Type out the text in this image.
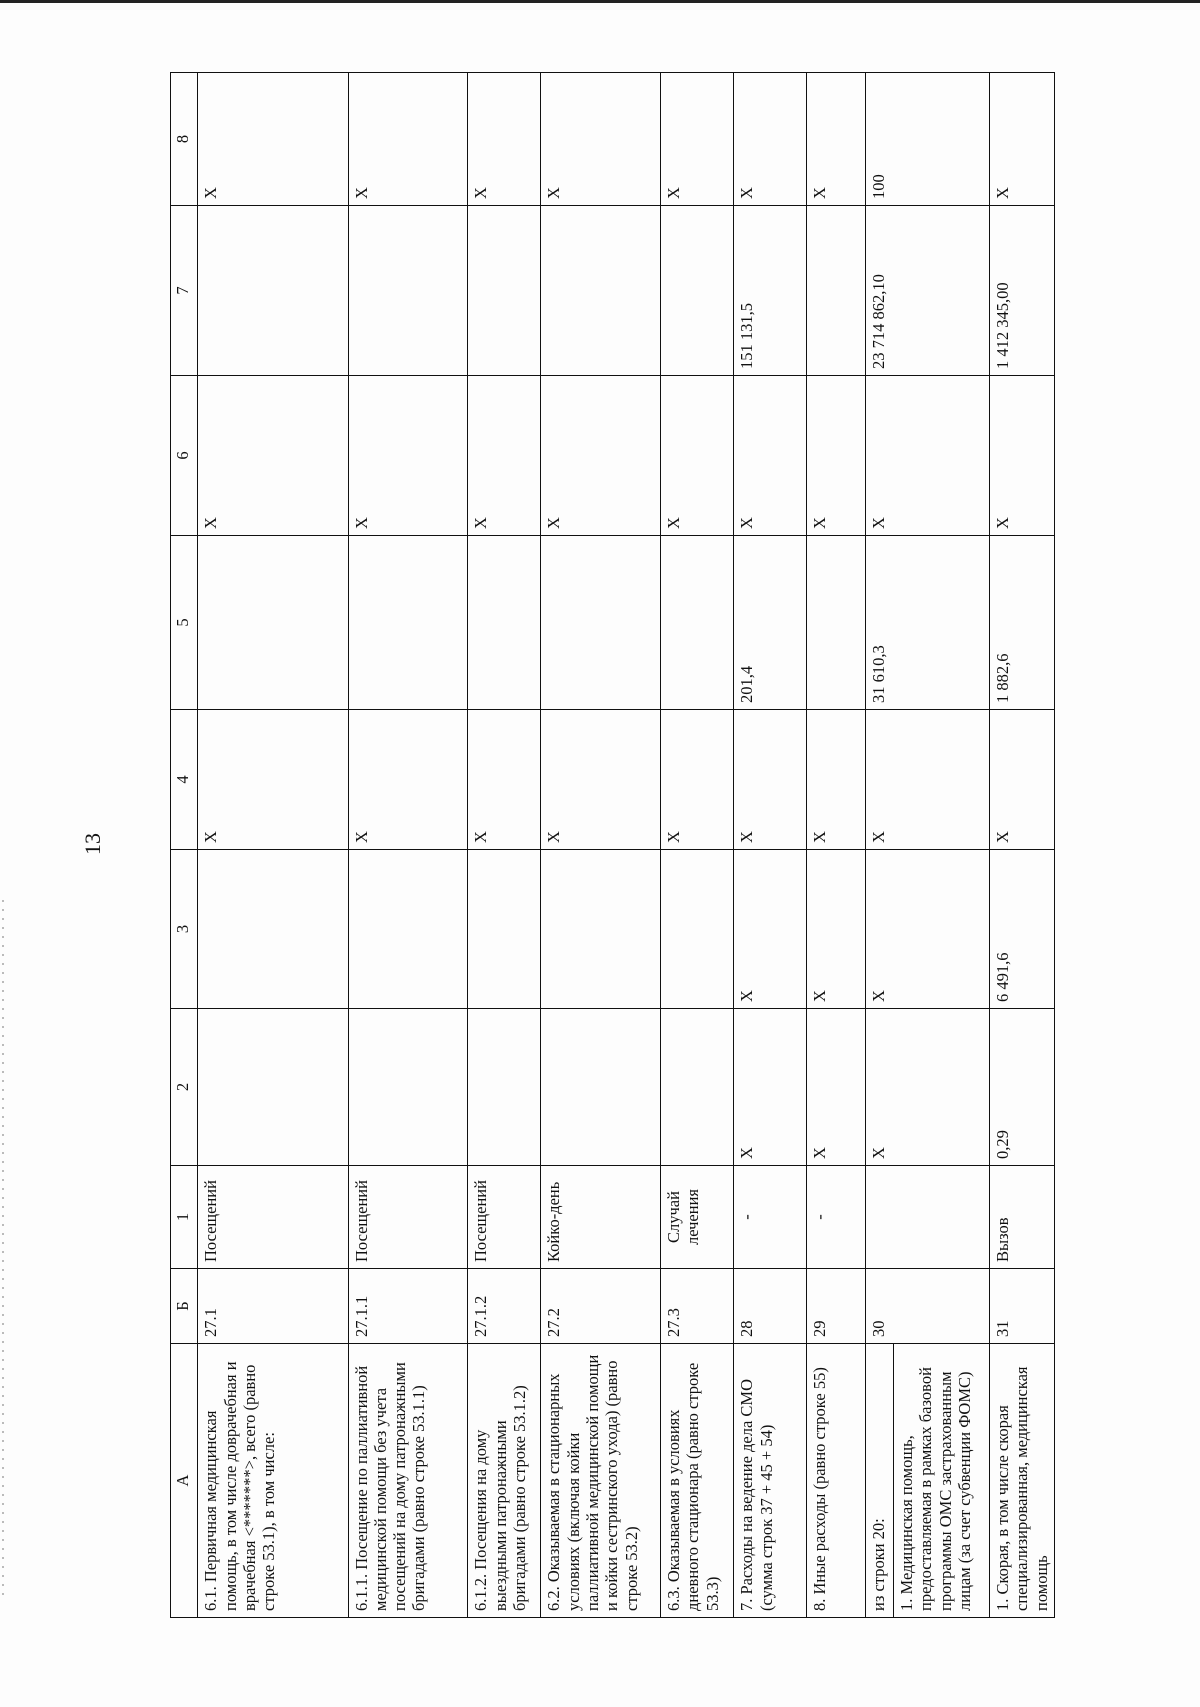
13
А	Б	1	2	3	4	5	6	7	8
6.1. Первичная медицинская помощь, в том числе доврачебная и врачебная <*******>, всего (равно строке 53.1), в том числе:	27.1	Посещений			X		X		X
6.1.1. Посещение по паллиативной медицинской помощи без учета посещений на дому патронажными бригадами (равно строке 53.1.1)	27.1.1	Посещений			X		X		X
6.1.2. Посещения на дому выездными патронажными бригадами (равно строке 53.1.2)	27.1.2	Посещений			X		X		X
6.2. Оказываемая в стационарных условиях (включая койки паллиативной медицинской помощи и койки сестринского ухода) (равно строке 53.2)	27.2	Койко-день			X		X		X
6.3. Оказываемая в условиях дневного стационара (равно строке 53.3)	27.3	Случай лечения			X		X		X
7. Расходы на ведение дела СМО (сумма строк 37 + 45 + 54)	28	-	X	X	X	201,4	X	151 131,5	X
8. Иные расходы (равно строке 55)	29	-	X	X	X		X		X

из строки 20: 1. Медицинская помощь, предоставляемая в рамках базовой программы ОМС застрахованным лицам (за счет субвенции ФОМС)	30		X	X	X	31 610,3	X	23 714 862,10	100
1. Скорая, в том числе скорая специализированная, медицинская помощь	31	Вызов	0,29	6 491,6	X	1 882,6	X	1 412 345,00	X
